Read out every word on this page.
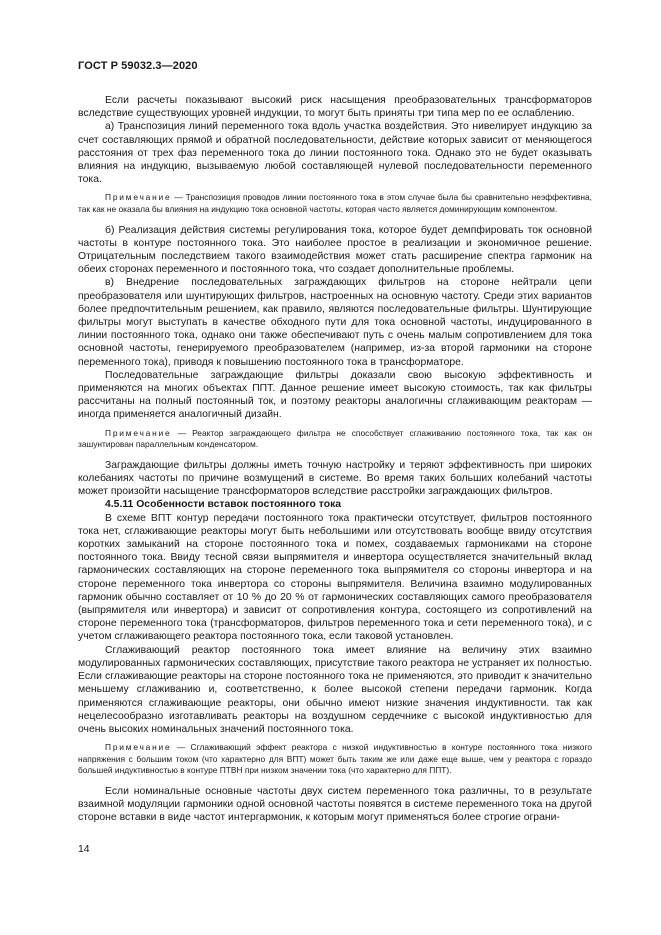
ГОСТ Р 59032.3—2020

Если расчеты показывают высокий риск насыщения преобразовательных трансформаторов вследствие существующих уровней индукции, то могут быть приняты три типа мер по ее ослаблению.

а) Транспозиция линий переменного тока вдоль участка воздействия. Это нивелирует индукцию за счет составляющих прямой и обратной последовательности, действие которых зависит от меняющегося расстояния от трех фаз переменного тока до линии постоянного тока. Однако это не будет оказывать влияния на индукцию, вызываемую любой составляющей нулевой последовательности переменного тока.

Примечание — Транспозиция проводов линии постоянного тока в этом случае была бы сравнительно неэффективна, так как не оказала бы влияния на индукцию тока основной частоты, которая часто является доминирующим компонентом.

б) Реализация действия системы регулирования тока, которое будет демпфировать ток основной частоты в контуре постоянного тока. Это наиболее простое в реализации и экономичное решение. Отрицательным последствием такого взаимодействия может стать расширение спектра гармоник на обеих сторонах переменного и постоянного тока, что создает дополнительные проблемы.

в) Внедрение последовательных заграждающих фильтров на стороне нейтрали цепи преобразователя или шунтирующих фильтров, настроенных на основную частоту. Среди этих вариантов более предпочтительным решением, как правило, являются последовательные фильтры. Шунтирующие фильтры могут выступать в качестве обходного пути для тока основной частоты, индуцированного в линии постоянного тока, однако они также обеспечивают путь с очень малым сопротивлением для тока основной частоты, генерируемого преобразователем (например, из-за второй гармоники на стороне переменного тока), приводя к повышению постоянного тока в трансформаторе.

Последовательные заграждающие фильтры доказали свою высокую эффективность и применяются на многих объектах ППТ. Данное решение имеет высокую стоимость, так как фильтры рассчитаны на полный постоянный ток, и поэтому реакторы аналогичны сглаживающим реакторам — иногда применяется аналогичный дизайн.

Примечание — Реактор заграждающего фильтра не способствует сглаживанию постоянного тока, так как он зашунтирован параллельным конденсатором.

Заграждающие фильтры должны иметь точную настройку и теряют эффективность при широких колебаниях частоты по причине возмущений в системе. Во время таких больших колебаний частоты может произойти насыщение трансформаторов вследствие расстройки заграждающих фильтров.

4.5.11 Особенности вставок постоянного тока

В схеме ВПТ контур передачи постоянного тока практически отсутствует, фильтров постоянного тока нет, сглаживающие реакторы могут быть небольшими или отсутствовать вообще ввиду отсутствия коротких замыканий на стороне постоянного тока и помех, создаваемых гармониками на стороне постоянного тока. Ввиду тесной связи выпрямителя и инвертора осуществляется значительный вклад гармонических составляющих на стороне переменного тока выпрямителя со стороны инвертора и на стороне переменного тока инвертора со стороны выпрямителя. Величина взаимно модулированных гармоник обычно составляет от 10 % до 20 % от гармонических составляющих самого преобразователя (выпрямителя или инвертора) и зависит от сопротивления контура, состоящего из сопротивлений на стороне переменного тока (трансформаторов, фильтров переменного тока и сети переменного тока), и с учетом сглаживающего реактора постоянного тока, если таковой установлен.

Сглаживающий реактор постоянного тока имеет влияние на величину этих взаимно модулированных гармонических составляющих, присутствие такого реактора не устраняет их полностью. Если сглаживающие реакторы на стороне постоянного тока не применяются, это приводит к значительно меньшему сглаживанию и, соответственно, к более высокой степени передачи гармоник. Когда применяются сглаживающие реакторы, они обычно имеют низкие значения индуктивности. так как нецелесообразно изготавливать реакторы на воздушном сердечнике с высокой индуктивностью для очень высоких номинальных значений постоянного тока.

Примечание — Сглаживающий эффект реактора с низкой индуктивностью в контуре постоянного тока низкого напряжения с большим током (что характерно для ВПТ) может быть таким же или даже еще выше, чем у реактора с гораздо большей индуктивностью в контуре ПТВН при низком значении тока (что характерно для ППТ).

Если номинальные основные частоты двух систем переменного тока различны, то в результате взаимной модуляции гармоники одной основной частоты появятся в системе переменного тока на другой стороне вставки в виде частот интергармоник, к которым могут применяться более строгие ограни-

14
